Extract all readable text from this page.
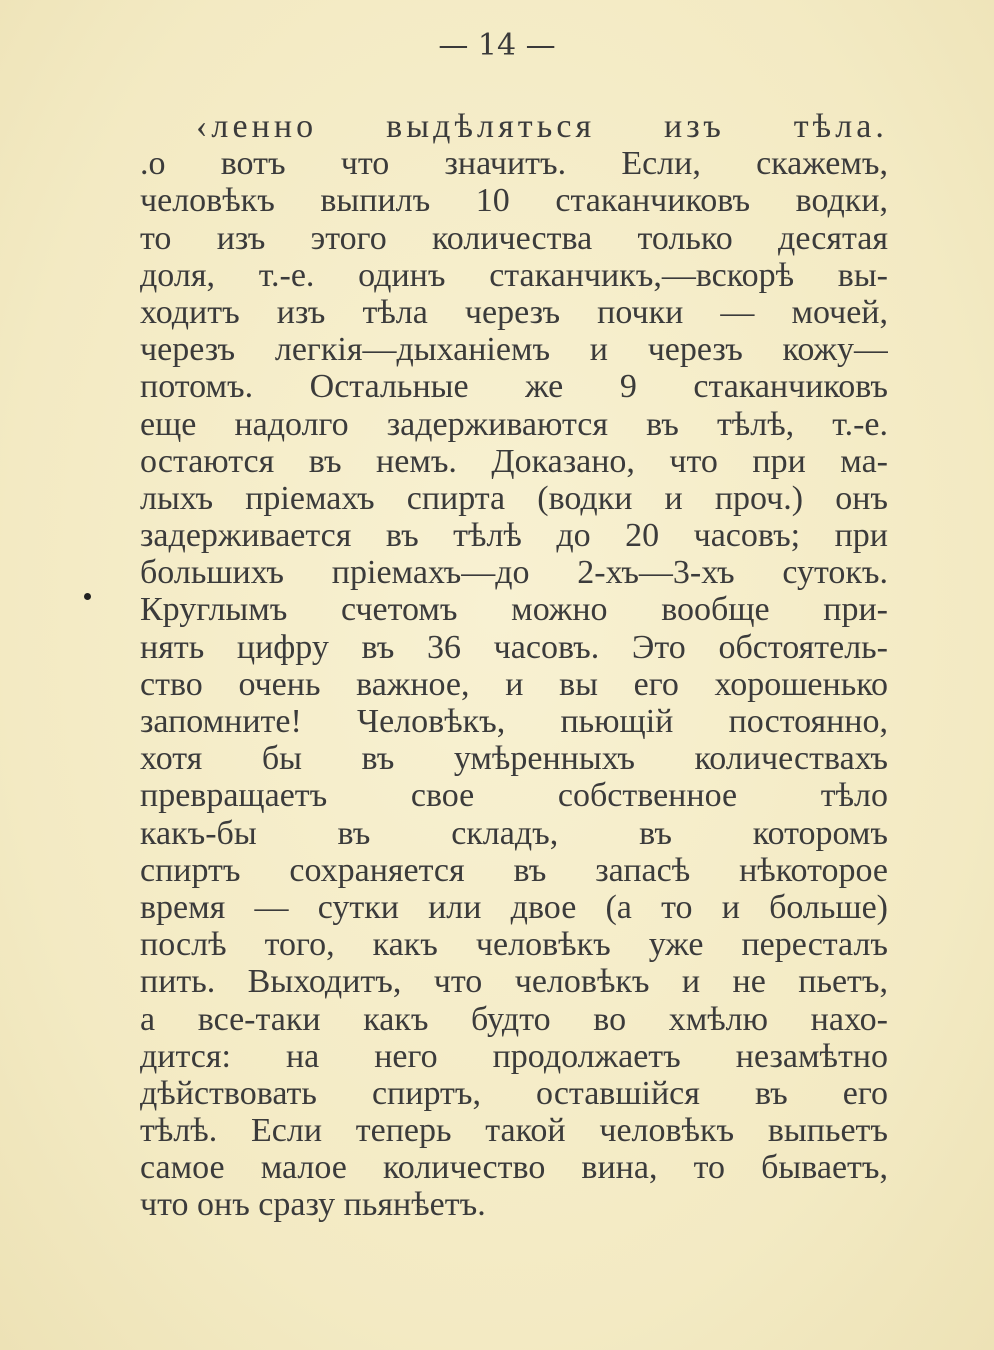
— 14 —
‹ленно выдѣляться изъ тѣла.
.о вотъ что значитъ. Если, скажемъ,
человѣкъ выпилъ 10 стаканчиковъ водки,
то изъ этого количества только десятая
доля, т.-е. одинъ стаканчикъ,—вскорѣ вы-
ходитъ изъ тѣла черезъ почки — мочей,
черезъ легкiя—дыханiемъ и черезъ кожу—
потомъ. Остальные же 9 стаканчиковъ
еще надолго задерживаются въ тѣлѣ, т.-е.
остаются въ немъ. Доказано, что при ма-
лыхъ прiемахъ спирта (водки и проч.) онъ
задерживается въ тѣлѣ до 20 часовъ; при
большихъ прiемахъ—до 2-хъ—3-хъ сутокъ.
Круглымъ счетомъ можно вообще при-
нять цифру въ 36 часовъ. Это обстоятель-
ство очень важное, и вы его хорошенько
запомните! Человѣкъ, пьющiй постоянно,
хотя бы въ умѣренныхъ количествахъ
превращаетъ свое собственное тѣло
какъ-бы въ складъ, въ которомъ
спиртъ сохраняется въ запасѣ нѣкоторое
время — сутки или двое (а то и больше)
послѣ того, какъ человѣкъ уже пересталъ
пить. Выходитъ, что человѣкъ и не пьетъ,
а все-таки какъ будто во хмѣлю нахо-
дится: на него продолжаетъ незамѣтно
дѣйствовать спиртъ, оставшiйся въ его
тѣлѣ. Если теперь такой человѣкъ выпьетъ
самое малое количество вина, то бываетъ,
что онъ сразу пьянѣетъ.
